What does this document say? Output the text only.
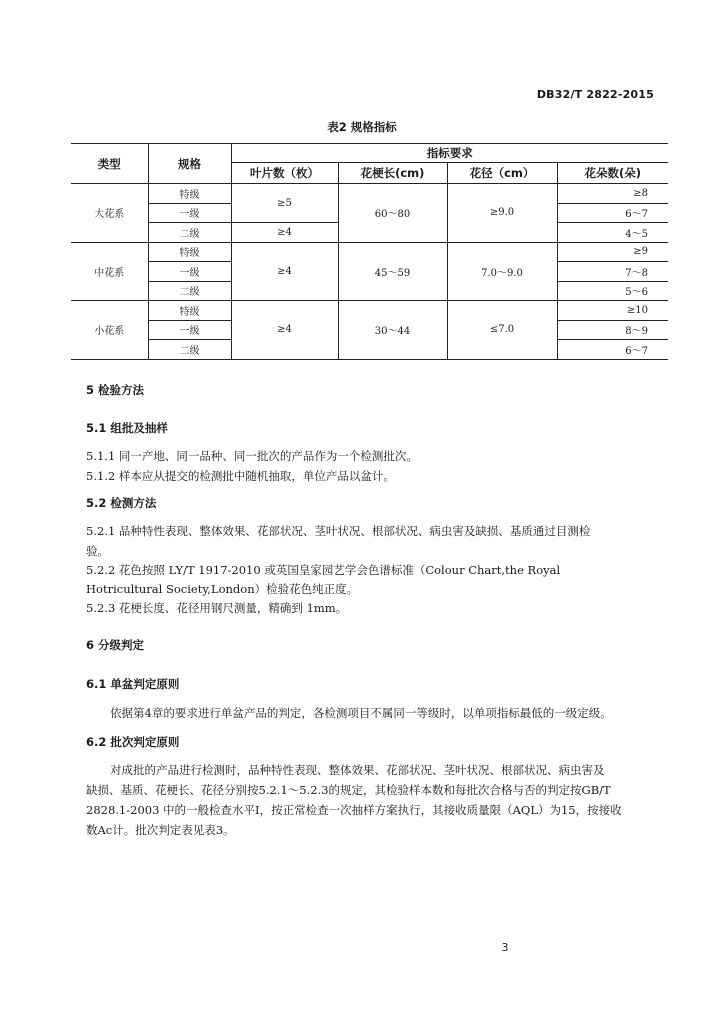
DB32/T 2822-2015
表2 规格指标
类型	规格	指标要求			
		叶片数（枚）	花梗长(cm)	花径（cm）	花朵数(朵)
大花系	特级	≥5	60～80	≥9.0	≥8
	一级				6～7
	二级	≥4			4～5
中花系	特级	≥4	45～59	7.0～9.0	≥9
	一级				7～8
	二级				5～6
小花系	特级	≥4	30～44	≤7.0	≥10
	一级				8～9
	二级				6～7
5 检验方法
5.1 组批及抽样
5.1.1 同一产地、同一品种、同一批次的产品作为一个检测批次。
5.1.2 样本应从提交的检测批中随机抽取，单位产品以盆计。
5.2 检测方法
5.2.1 品种特性表现、整体效果、花部状况、茎叶状况、根部状况、病虫害及缺损、基质通过目测检
验。
5.2.2 花色按照 LY/T 1917-2010 或英国皇家园艺学会色谱标准（Colour Chart,the Royal
Hotricultural Society,London）检验花色纯正度。
5.2.3 花梗长度、花径用钢尺测量，精确到 1mm。
6 分级判定
6.1 单盆判定原则
依据第4章的要求进行单盆产品的判定，各检测项目不属同一等级时，以单项指标最低的一级定级。
6.2 批次判定原则
对成批的产品进行检测时，品种特性表现、整体效果、花部状况、茎叶状况、根部状况、病虫害及
缺损、基质、花梗长、花径分别按5.2.1～5.2.3的规定，其检验样本数和每批次合格与否的判定按GB/T
2828.1-2003 中的一般检查水平Ⅰ，按正常检查一次抽样方案执行，其接收质量限（AQL）为15，按接收
数Ac计。批次判定表见表3。
3
